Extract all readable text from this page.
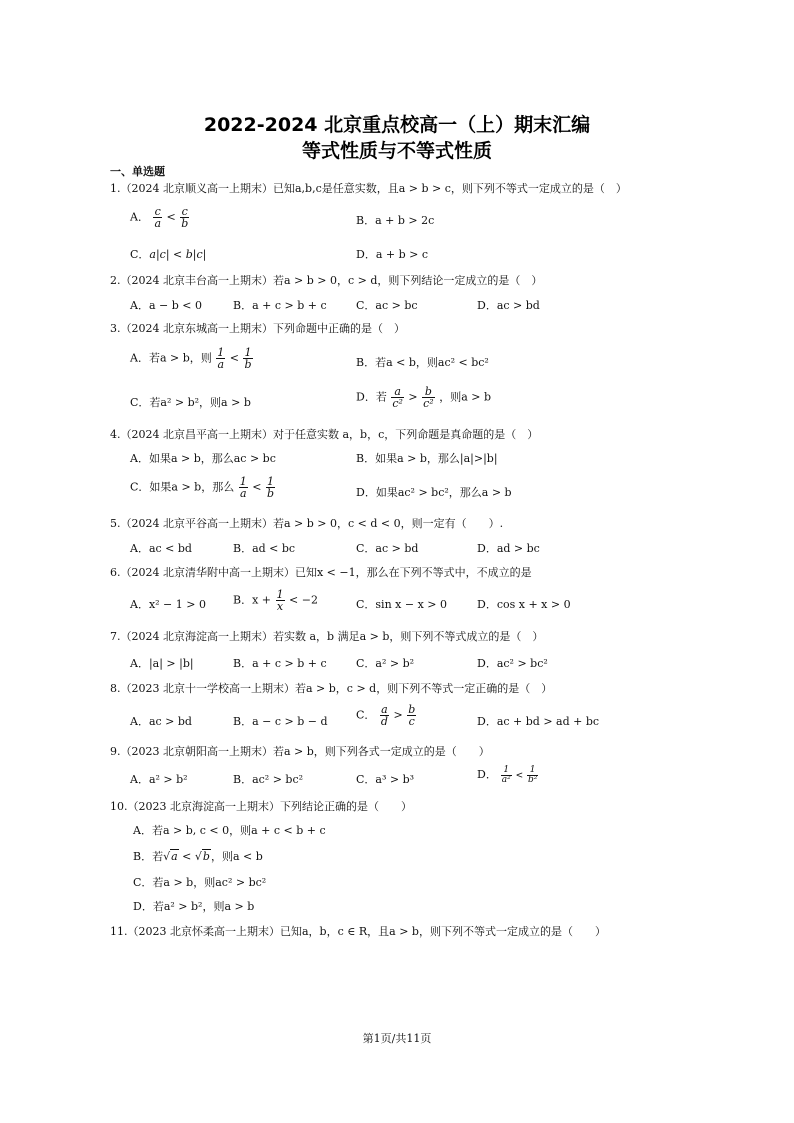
2022-2024 北京重点校高一（上）期末汇编
等式性质与不等式性质
一、单选题
1.（2024 北京顺义高一上期末）已知a,b,c是任意实数，且a > b > c，则下列不等式一定成立的是（　）
A． $\frac{c}{a} < \frac{c}{b}$	B．a + b > 2c
C．a|c| < b|c|	D．a + b > c
2.（2024 北京丰台高一上期末）若a > b > 0，c > d，则下列结论一定成立的是（　）
A．a − b < 0	B．a + c > b + c	C．ac > bc	D．ac > bd
3.（2024 北京东城高一上期末）下列命题中正确的是（　）
A．若a > b，则 $\frac{1}{a} < \frac{1}{b}$	B．若a < b，则ac² < bc²
C．若a² > b²，则a > b	D．若 $\frac{a}{\text{c²}} > \frac{b}{\text{c²}}$ ，则a > b
4.（2024 北京昌平高一上期末）对于任意实数 a，b，c，下列命题是真命题的是（　）
A．如果a > b，那么ac > bc	B．如果a > b，那么|a|>|b|
C．如果a > b，那么 $\frac{1}{a} < \frac{1}{b}$	D．如果ac² > bc²，那么a > b
5.（2024 北京平谷高一上期末）若a > b > 0，c < d < 0，则一定有（　　）.
A．ac < bd	B．ad < bc	C．ac > bd	D．ad > bc
6.（2024 北京清华附中高一上期末）已知x < −1，那么在下列不等式中，不成立的是
A．x² − 1 > 0 B．$x + \frac{1}{x} < -2$	C．sin x − x > 0	D．cos x + x > 0
7.（2024 北京海淀高一上期末）若实数 a，b 满足a > b，则下列不等式成立的是（　）
A．|a| > |b|	B．a + c > b + c	C．a² > b²	D．ac² > bc²
8.（2023 北京十一学校高一上期末）若a > b，c > d，则下列不等式一定正确的是（　）
A．ac > bd	B．a − c > b − d	C． $\frac{a}{d} > \frac{b}{c}$	D．ac + bd > ad + bc
9.（2023 北京朝阳高一上期末）若a > b，则下列各式一定成立的是（　　）
A．a² > b²	B．ac² > bc²	C．a³ > b³	D． $\frac{1}{\text{a²}} < \frac{1}{\text{b²}}$
10.（2023 北京海淀高一上期末）下列结论正确的是（　　）
A．若a > b, c < 0，则a + c < b + c
B．若√a < √b，则a < b
C．若a > b，则ac² > bc²
D．若a² > b²，则a > b
11.（2023 北京怀柔高一上期末）已知a，b，c ∈ R，且a > b，则下列不等式一定成立的是（　　）
第1页/共11页
